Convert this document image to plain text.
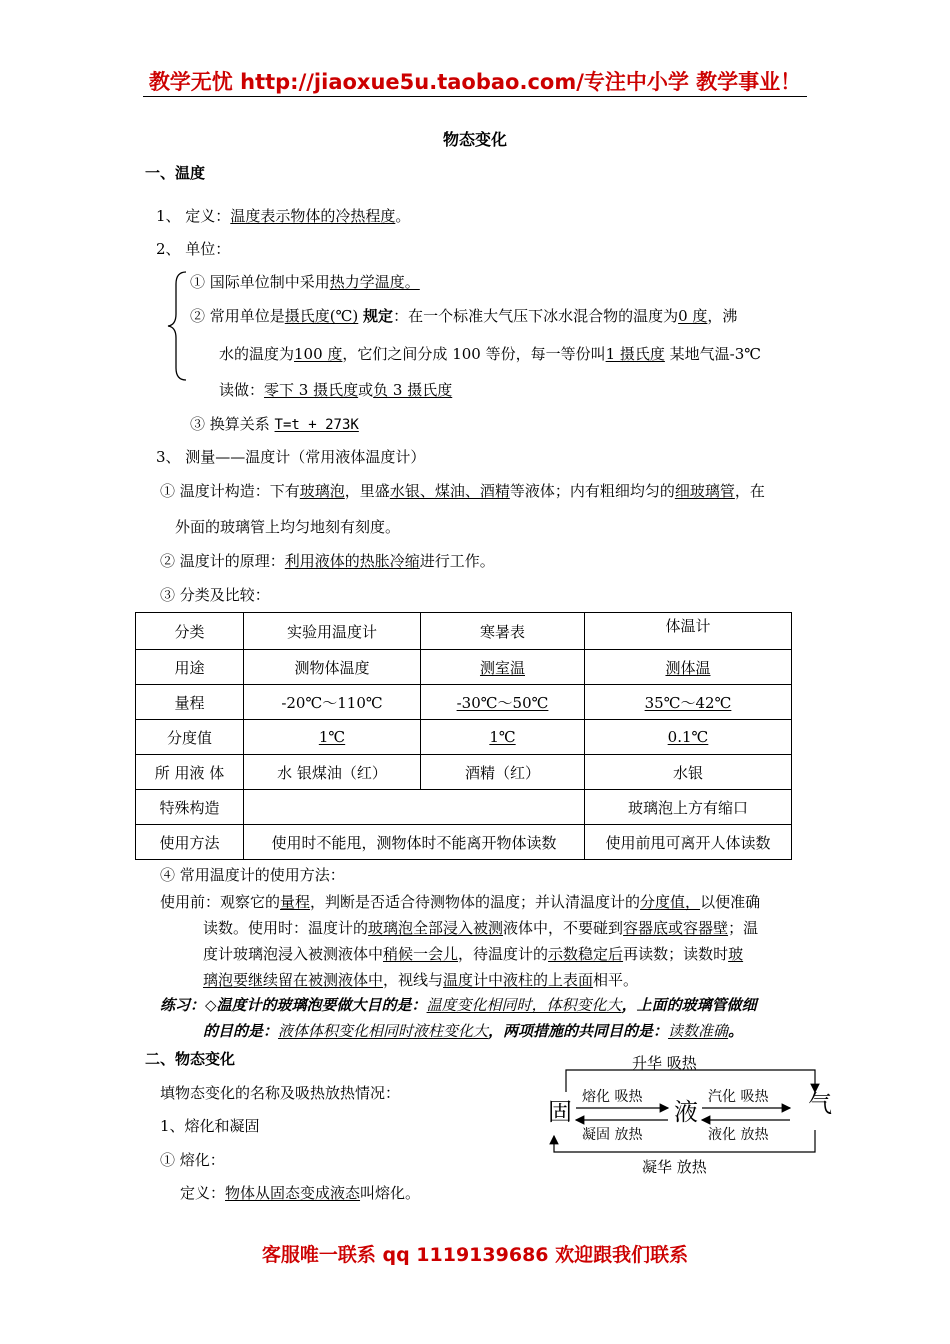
教学无忧 http://jiaoxue5u.taobao.com/专注中小学 教学事业！
物态变化
一、温度
1、 定义：温度表示物体的冷热程度。
2、 单位：
① 国际单位制中采用热力学温度。
② 常用单位是摄氏度(℃) 规定：在一个标准大气压下冰水混合物的温度为0 度，沸
水的温度为100 度，它们之间分成 100 等份，每一等份叫1 摄氏度 某地气温-3℃
读做：零下 3 摄氏度或负 3 摄氏度
③ 换算关系 T=t + 273K
3、 测量——温度计（常用液体温度计）
① 温度计构造：下有玻璃泡，里盛水银、煤油、酒精等液体；内有粗细均匀的细玻璃管，在
外面的玻璃管上均匀地刻有刻度。
② 温度计的原理：利用液体的热胀冷缩进行工作。
③ 分类及比较：
分类	实验用温度计	寒暑表	体温计
用途	测物体温度	测室温	测体温
量程	-20℃～110℃	-30℃～50℃	35℃～42℃
分度值	1℃	1℃	0.1℃
所 用液 体	水 银煤油（红）	酒精（红）	水银
特殊构造			玻璃泡上方有缩口
使用方法	使用时不能甩，测物体时不能离开物体读数		使用前甩可离开人体读数
④ 常用温度计的使用方法：
使用前：观察它的量程，判断是否适合待测物体的温度；并认清温度计的分度值，以便准确
读数。使用时：温度计的玻璃泡全部浸入被测液体中，不要碰到容器底或容器壁；温
度计玻璃泡浸入被测液体中稍候一会儿，待温度计的示数稳定后再读数；读数时玻
璃泡要继续留在被测液体中，视线与温度计中液柱的上表面相平。
练习：◇温度计的玻璃泡要做大目的是：温度变化相同时，体积变化大，上面的玻璃管做细
的目的是：液体体积变化相同时液柱变化大，两项措施的共同目的是：读数准确。
二、物态变化
填物态变化的名称及吸热放热情况：
1、熔化和凝固
① 熔化：
定义：物体从固态变成液态叫熔化。
升华 吸热
固
熔化 吸热
凝固 放热
液
汽化 吸热
液化 放热
气
凝华 放热
客服唯一联系 qq 1119139686 欢迎跟我们联系
